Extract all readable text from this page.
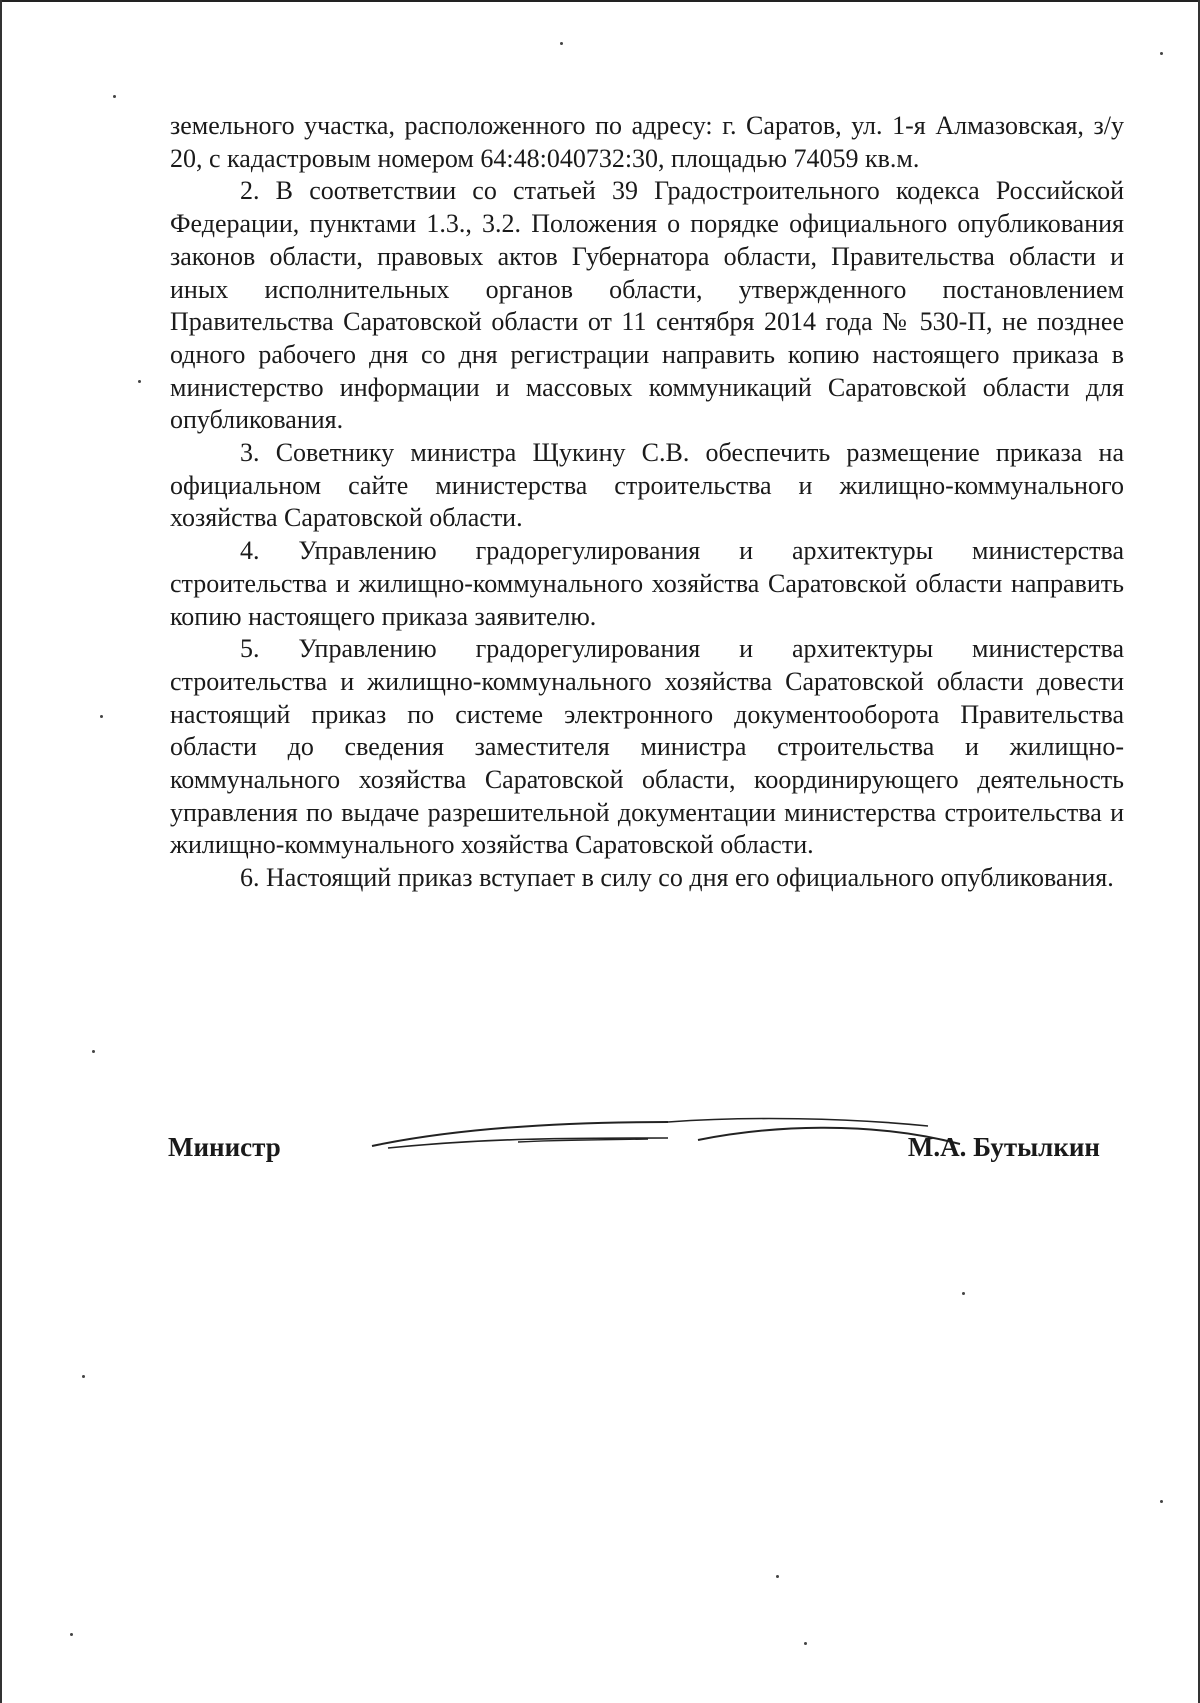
земельного участка, расположенного по адресу: г. Саратов, ул. 1-я Алмазовская, з/у 20, с кадастровым номером 64:48:040732:30, площадью 74059 кв.м.

2. В соответствии со статьей 39 Градостроительного кодекса Российской Федерации, пунктами 1.3., 3.2. Положения о порядке официального опубликования законов области, правовых актов Губернатора области, Правительства области и иных исполнительных органов области, утвержденного постановлением Правительства Саратовской области от 11 сентября 2014 года № 530-П, не позднее одного рабочего дня со дня регистрации направить копию настоящего приказа в министерство информации и массовых коммуникаций Саратовской области для опубликования.

3. Советнику министра Щукину С.В. обеспечить размещение приказа на официальном сайте министерства строительства и жилищно-коммунального хозяйства Саратовской области.

4. Управлению градорегулирования и архитектуры министерства строительства и жилищно-коммунального хозяйства Саратовской области направить копию настоящего приказа заявителю.

5. Управлению градорегулирования и архитектуры министерства строительства и жилищно-коммунального хозяйства Саратовской области довести настоящий приказ по системе электронного документооборота Правительства области до сведения заместителя министра строительства и жилищно-коммунального хозяйства Саратовской области, координирующего деятельность управления по выдаче разрешительной документации министерства строительства и жилищно-коммунального хозяйства Саратовской области.

6. Настоящий приказ вступает в силу со дня его официального опубликования.

Министр	М.А. Бутылкин
